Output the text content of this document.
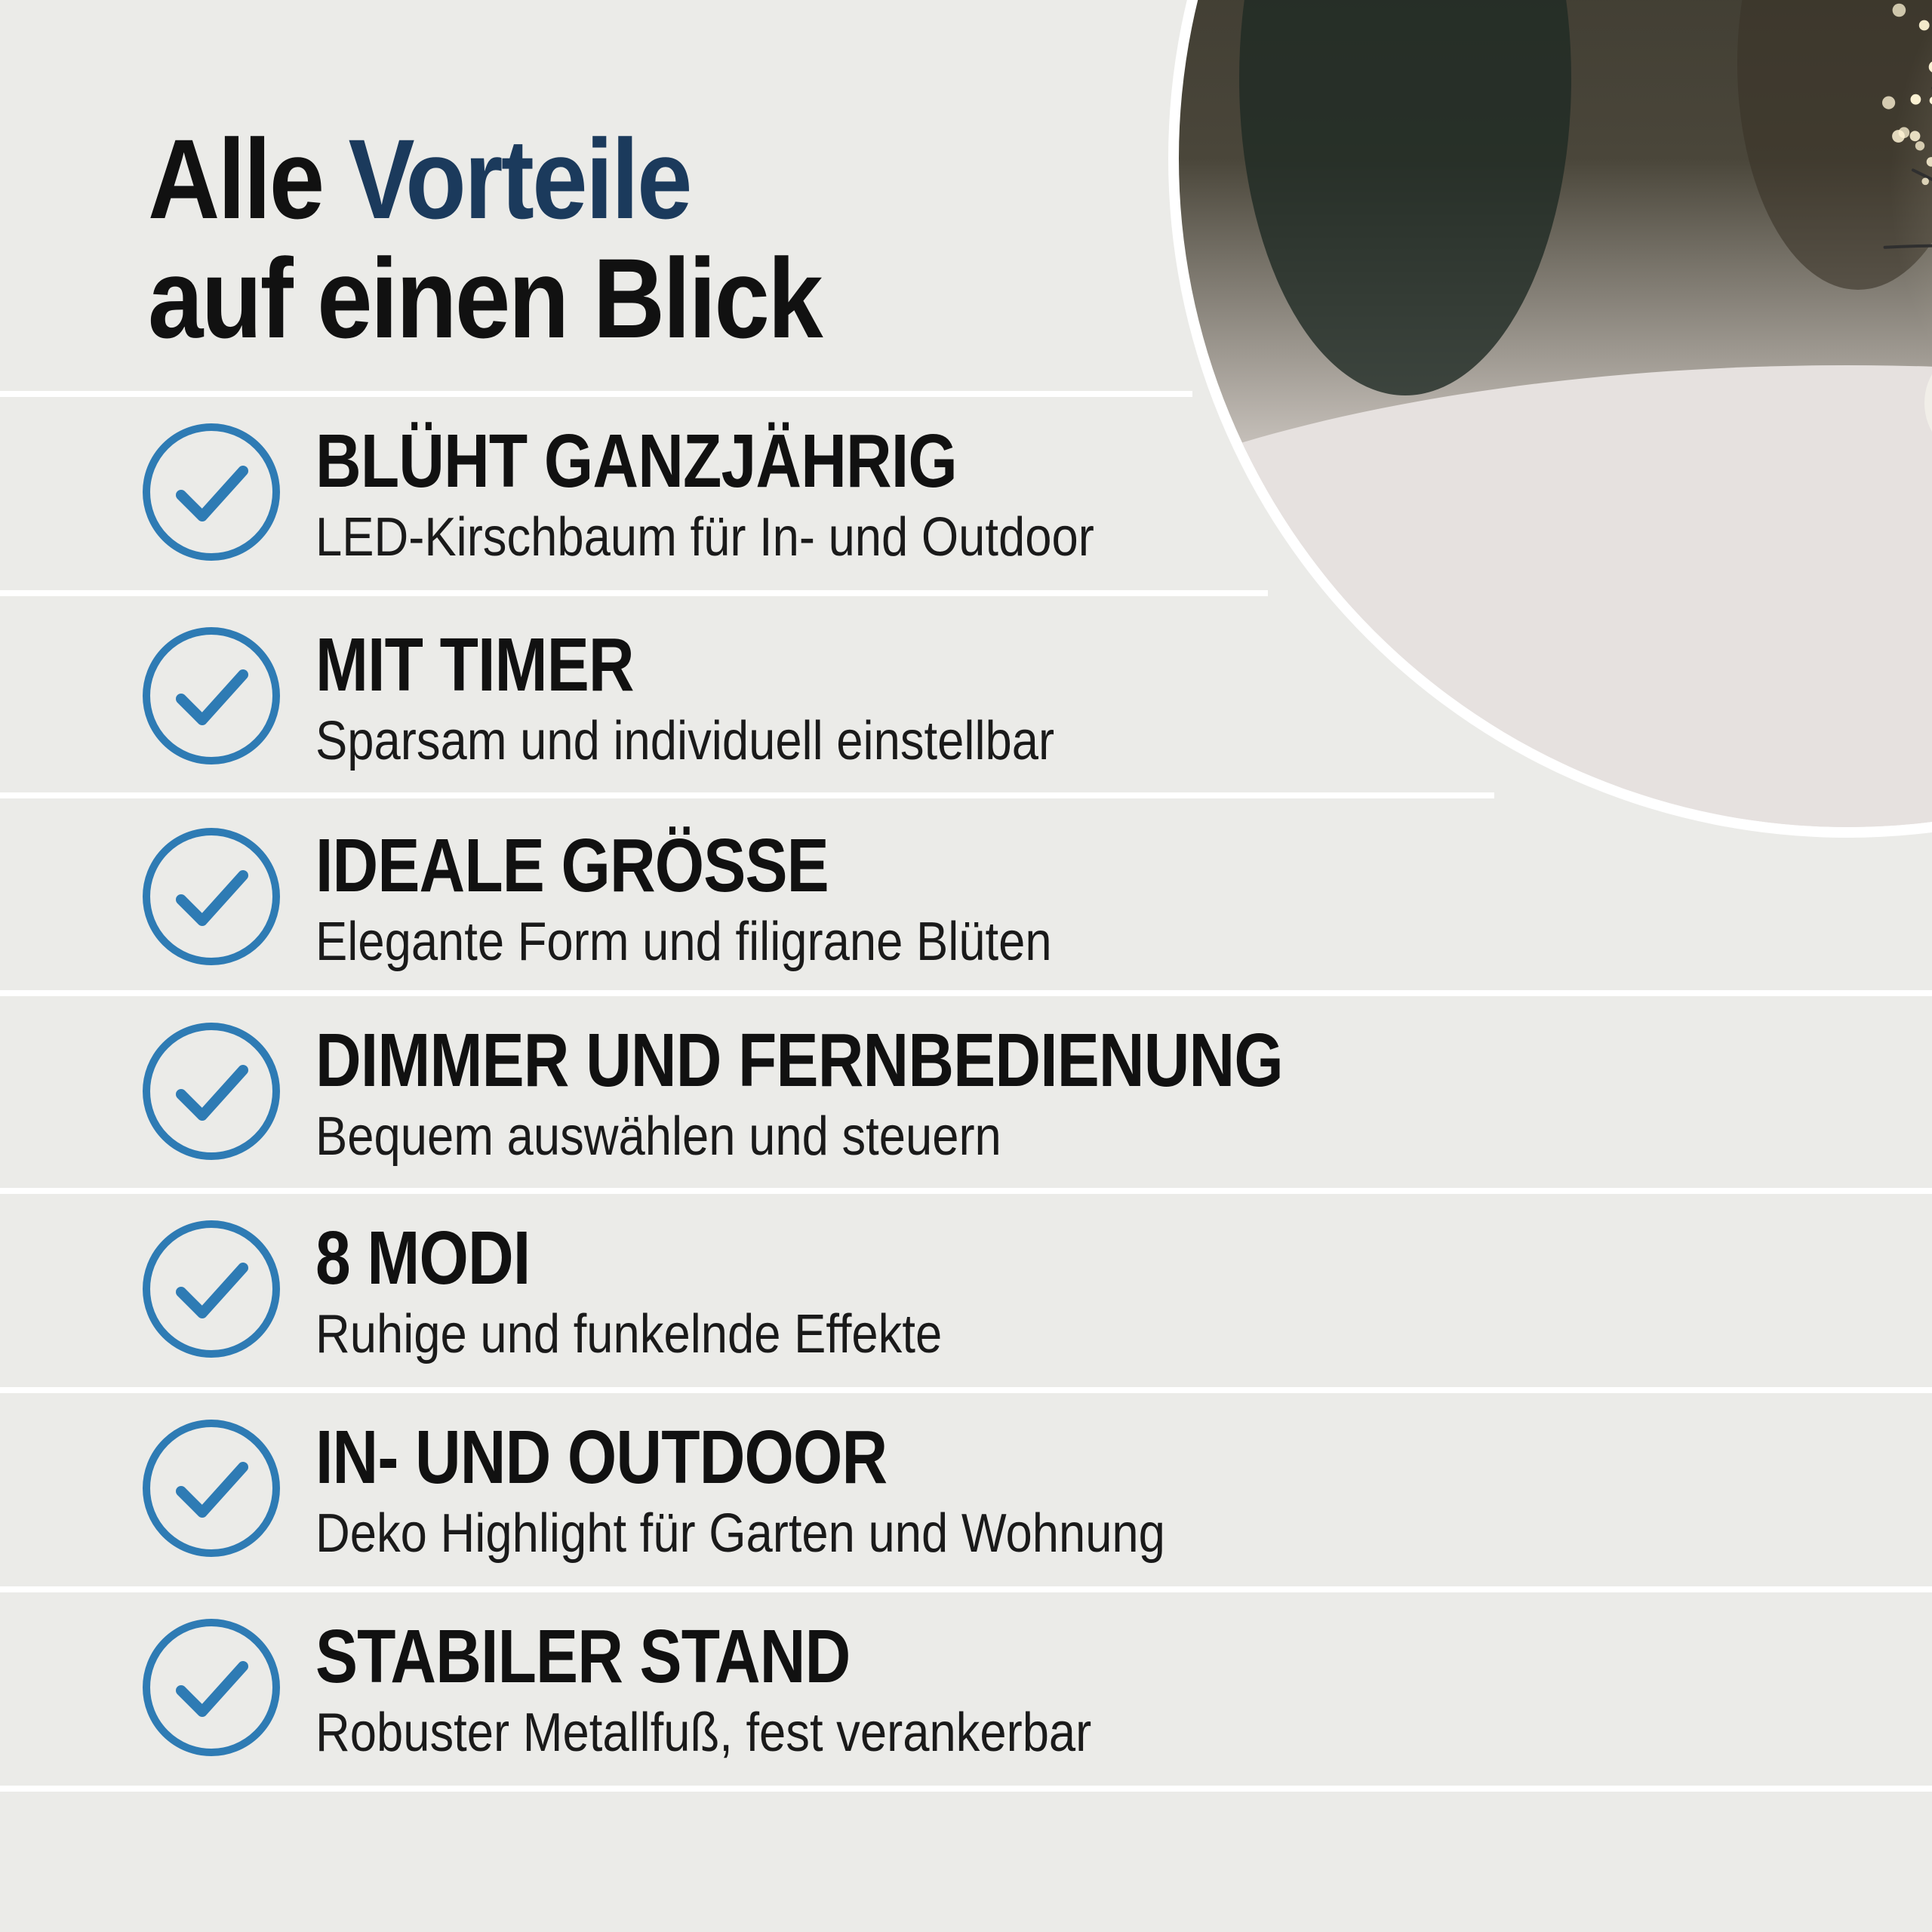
Alle Vorteile
auf einen Blick

BLÜHT GANZJÄHRIG

LED-Kirschbaum für In- und Outdoor

MIT TIMER

Sparsam und individuell einstellbar

IDEALE GRÖSSE

Elegante Form und filigrane Blüten

DIMMER UND FERNBEDIENUNG

Bequem auswählen und steuern

8 MODI

Ruhige und funkelnde Effekte

IN- UND OUTDOOR

Deko Highlight für Garten und Wohnung

STABILER STAND

Robuster Metallfuß, fest verankerbar
